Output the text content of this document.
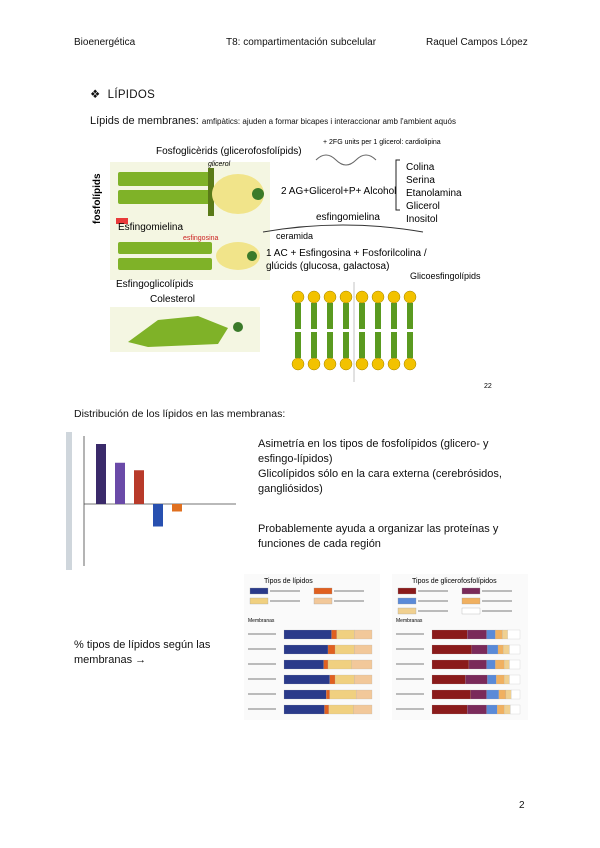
Bioenergética	T8: compartimentación subcelular	Raquel Campos López
❖ LÍPIDOS
Lípids de membranes: amfipàtics: ajuden a formar bicapes i interaccionar amb l'ambient aquós
Fosfoglicèrids (glicerofosfolípids)
glicerol
fosfolípids
Esfingomielina
esfingosina
Esfingoglicolípids
Colesterol
+ 2FG units per 1 glicerol: cardiolipina
2 AG+Glicerol+P+ Alcohol
Colina
Serina
Etanolamina
Glicerol
Inositol
esfingomielina
ceramida
1 AC + Esfingosina + Fosforilcolina /
glúcids (glucosa, galactosa)
Glicoesfingolípids
22
Distribución de los lípidos en las membranas:
Asimetría en los tipos de fosfolípidos (glicero- y
esfingo-lípidos)
Glicolípidos sólo en la cara externa (cerebrósidos,
gangliósidos)
Probablemente ayuda a organizar las proteínas y
funciones de cada región
% tipos de lípidos según las
membranas →
Tipos de lípidos
Membranas
Tipos de glicerofosfolípidos
Membranas
2
